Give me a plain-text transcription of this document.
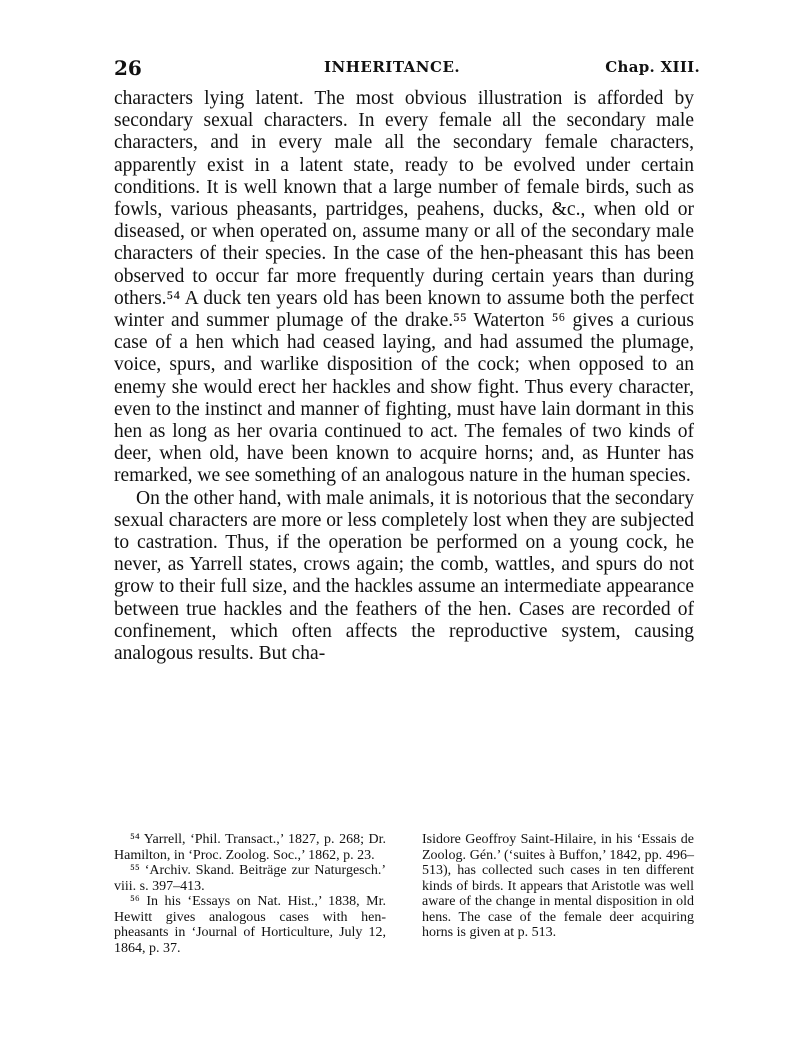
26	INHERITANCE.	Chap. XIII.

characters lying latent. The most obvious illustration is afforded by secondary sexual characters. In every female all the secondary male characters, and in every male all the secondary female characters, apparently exist in a latent state, ready to be evolved under certain conditions. It is well known that a large number of female birds, such as fowls, various pheasants, partridges, peahens, ducks, &c., when old or diseased, or when operated on, assume many or all of the secondary male characters of their species. In the case of the hen-pheasant this has been observed to occur far more frequently during certain years than during others.⁵⁴ A duck ten years old has been known to assume both the perfect winter and summer plumage of the drake.⁵⁵ Waterton ⁵⁶ gives a curious case of a hen which had ceased laying, and had assumed the plumage, voice, spurs, and warlike disposition of the cock; when opposed to an enemy she would erect her hackles and show fight. Thus every character, even to the instinct and manner of fighting, must have lain dormant in this hen as long as her ovaria continued to act. The females of two kinds of deer, when old, have been known to acquire horns; and, as Hunter has remarked, we see something of an analogous nature in the human species.

On the other hand, with male animals, it is notorious that the secondary sexual characters are more or less completely lost when they are subjected to castration. Thus, if the operation be performed on a young cock, he never, as Yarrell states, crows again; the comb, wattles, and spurs do not grow to their full size, and the hackles assume an intermediate appearance between true hackles and the feathers of the hen. Cases are recorded of confinement, which often affects the reproductive system, causing analogous results. But cha-

⁵⁴ Yarrell, ‘Phil. Transact.,’ 1827, p. 268; Dr. Hamilton, in ‘Proc. Zoolog. Soc.,’ 1862, p. 23.

⁵⁵ ‘Archiv. Skand. Beiträge zur Naturgesch.’ viii. s. 397–413.

⁵⁶ In his ‘Essays on Nat. Hist.,’ 1838, Mr. Hewitt gives analogous cases with hen-pheasants in ‘Journal of Horticulture, July 12, 1864, p. 37.

Isidore Geoffroy Saint-Hilaire, in his ‘Essais de Zoolog. Gén.’ (‘suites à Buffon,’ 1842, pp. 496–513), has collected such cases in ten different kinds of birds. It appears that Aristotle was well aware of the change in mental disposition in old hens. The case of the female deer acquiring horns is given at p. 513.
